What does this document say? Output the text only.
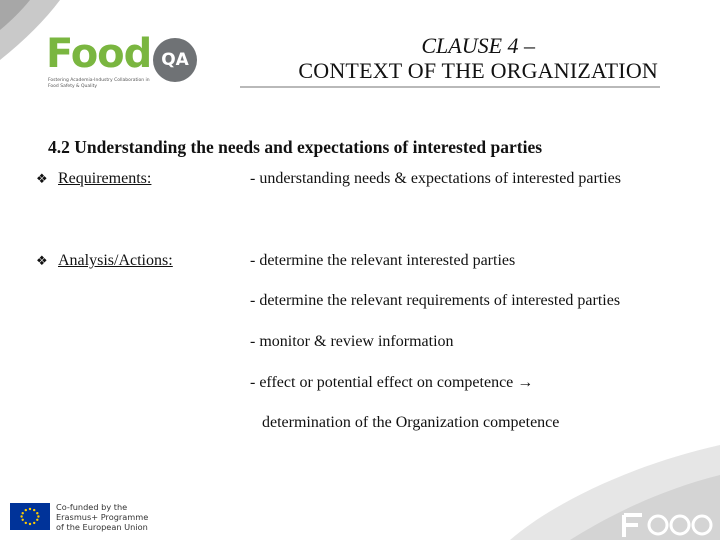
Food QA
Fostering Academia-Industry Collaboration in Food Safety & Quality
CLAUSE 4 –
CONTEXT OF THE ORGANIZATION
4.2 Understanding the needs and expectations of interested parties
❖ Requirements:	- understanding needs & expectations of interested parties
❖ Analysis/Actions:	- determine the relevant interested parties
- determine the relevant requirements of interested parties
- monitor & review information
- effect or potential effect on competence →
determination of the Organization competence
Co-funded by the
Erasmus+ Programme
of the European Union
